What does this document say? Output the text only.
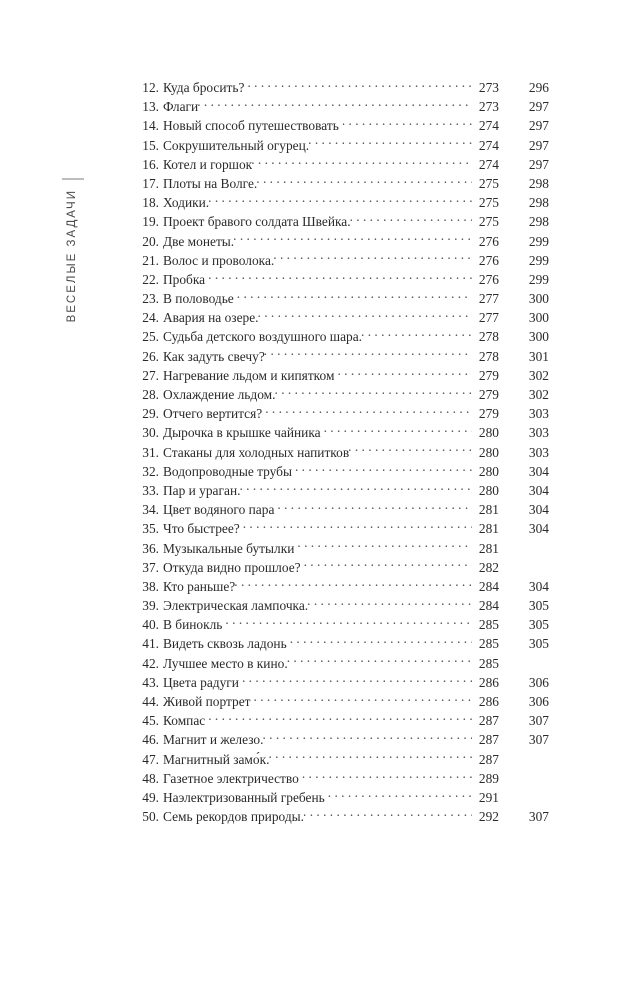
ВЕСЕЛЫЕ ЗАДАЧИ
12. Куда бросить? . . .	273	296
13. Флаги . . .	273	297
14. Новый способ путешествовать . . .	274	297
15. Сокрушительный огурец. . . .	274	297
16. Котел и горшок . . .	274	297
17. Плоты на Волге. . . .	275	298
18. Ходики. . . .	275	298
19. Проект бравого солдата Швейка. . . .	275	298
20. Две монеты. . . .	276	299
21. Волос и проволока. . . .	276	299
22. Пробка . . .	276	299
23. В половодье . . .	277	300
24. Авария на озере. . . .	277	300
25. Судьба детского воздушного шара. . . .	278	300
26. Как задуть свечу? . . .	278	301
27. Нагревание льдом и кипятком . . .	279	302
28. Охлаждение льдом. . . .	279	302
29. Отчего вертится? . . .	279	303
30. Дырочка в крышке чайника . . .	280	303
31. Стаканы для холодных напитков . . .	280	303
32. Водопроводные трубы . . .	280	304
33. Пар и ураган. . . .	280	304
34. Цвет водяного пара . . .	281	304
35. Что быстрее? . . .	281	304
36. Музыкальные бутылки . . .	281
37. Откуда видно прошлое? . . .	282
38. Кто раньше? . . .	284	304
39. Электрическая лампочка. . . .	284	305
40. В бинокль . . .	285	305
41. Видеть сквозь ладонь . . .	285	305
42. Лучшее место в кино. . . .	285
43. Цвета радуги . . .	286	306
44. Живой портрет . . .	286	306
45. Компас . . .	287	307
46. Магнит и железо. . . .	287	307
47. Магнитный замо́к. . . .	287
48. Газетное электричество . . .	289
49. Наэлектризованный гребень . . .	291
50. Семь рекордов природы. . . .	292	307
